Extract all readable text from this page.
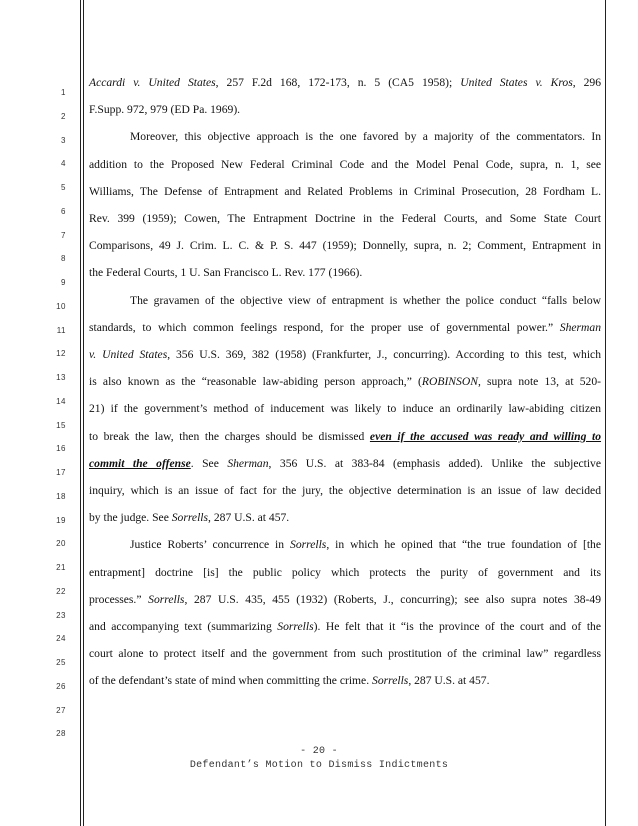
1
2
3
4
5
6
7
8
9
10
11
12
13
14
15
16
17
18
19
20
21
22
23
24
25
26
27
28
Accardi v. United States, 257 F.2d 168, 172-173, n. 5 (CA5 1958); United States v. Kros, 296
F.Supp. 972, 979 (ED Pa. 1969).
Moreover, this objective approach is the one favored by a majority of the commentators. In
addition to the Proposed New Federal Criminal Code and the Model Penal Code, supra, n. 1, see
Williams, The Defense of Entrapment and Related Problems in Criminal Prosecution, 28 Fordham L.
Rev. 399 (1959); Cowen, The Entrapment Doctrine in the Federal Courts, and Some State Court
Comparisons, 49 J. Crim. L. C. & P. S. 447 (1959); Donnelly, supra, n. 2; Comment, Entrapment in
the Federal Courts, 1 U. San Francisco L. Rev. 177 (1966).
The gravamen of the objective view of entrapment is whether the police conduct “falls below
standards, to which common feelings respond, for the proper use of governmental power.” Sherman
v. United States, 356 U.S. 369, 382 (1958) (Frankfurter, J., concurring). According to this test, which
is also known as the “reasonable law-abiding person approach,” (ROBINSON, supra note 13, at 520-
21) if the government’s method of inducement was likely to induce an ordinarily law-abiding citizen
to break the law, then the charges should be dismissed even if the accused was ready and willing to
commit the offense. See Sherman, 356 U.S. at 383-84 (emphasis added). Unlike the subjective
inquiry, which is an issue of fact for the jury, the objective determination is an issue of law decided
by the judge. See Sorrells, 287 U.S. at 457.
Justice Roberts’ concurrence in Sorrells, in which he opined that “the true foundation of [the
entrapment] doctrine [is] the public policy which protects the purity of government and its
processes.” Sorrells, 287 U.S. 435, 455 (1932) (Roberts, J., concurring); see also supra notes 38-49
and accompanying text (summarizing Sorrells). He felt that it “is the province of the court and of the
court alone to protect itself and the government from such prostitution of the criminal law” regardless
of the defendant’s state of mind when committing the crime. Sorrells, 287 U.S. at 457.
- 20 -
Defendant’s Motion to Dismiss Indictments
